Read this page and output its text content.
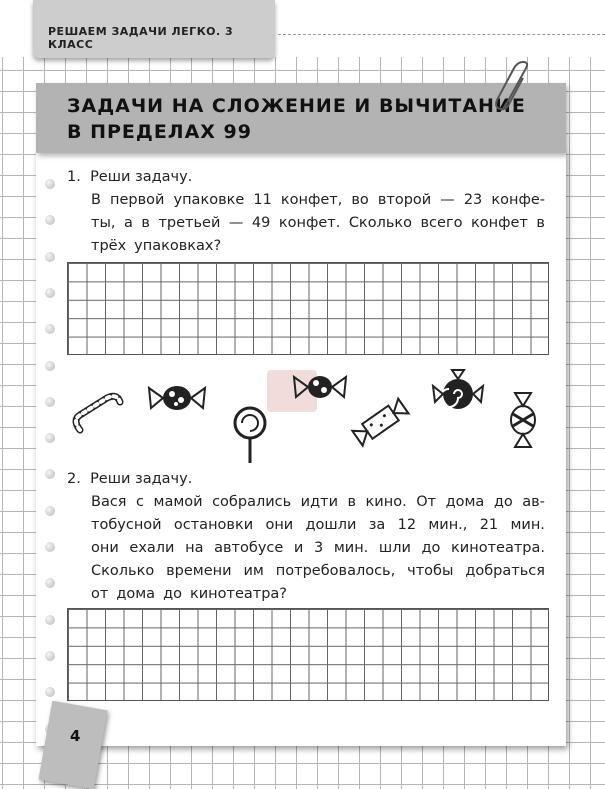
РЕШАЕМ ЗАДАЧИ ЛЕГКО. 3 КЛАСС
ЗАДАЧИ НА СЛОЖЕНИЕ И ВЫЧИТАНИЕ
В ПРЕДЕЛАХ 99
1. Реши задачу.
В первой упаковке 11 конфет, во второй — 23 конфе-
ты, а в третьей — 49 конфет. Сколько всего конфет в
трёх упаковках?
2. Реши задачу.
Вася с мамой собрались идти в кино. От дома до ав-
тобусной остановки они дошли за 12 мин., 21 мин.
они ехали на автобусе и 3 мин. шли до кинотеатра.
Сколько времени им потребовалось, чтобы добраться
от дома до кинотеатра?
4
